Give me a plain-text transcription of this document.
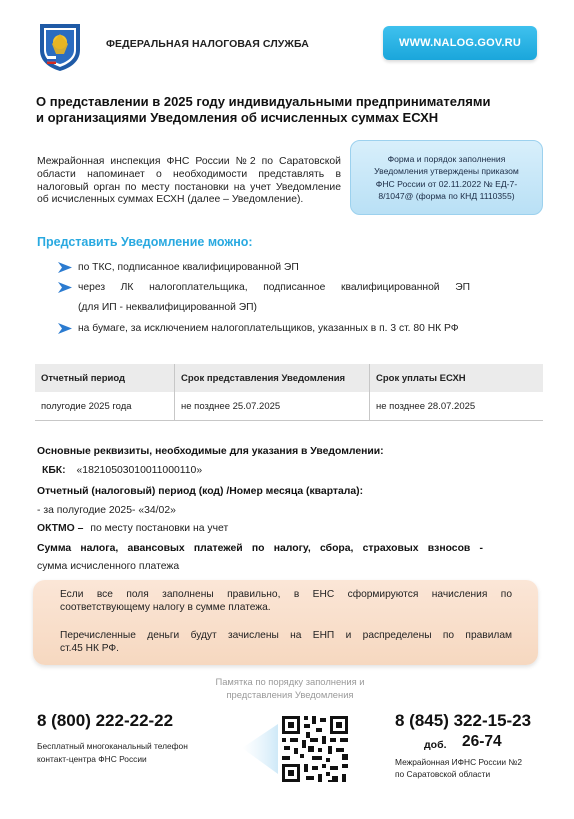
ФЕДЕРАЛЬНАЯ НАЛОГОВАЯ СЛУЖБА	WWW.NALOG.GOV.RU
О представлении в 2025 году индивидуальными предпринимателями
и организациями Уведомления об исчисленных суммах ЕСХН
Межрайонная инспекция ФНС России №2 по Саратовской области напоминает о необходимости представлять в налоговый орган по месту постановки на учет Уведомление об исчисленных суммах ЕСХН (далее – Уведомление).
Форма и порядок заполнения
Уведомления утверждены приказом
ФНС России от 02.11.2022 № ЕД-7-
8/1047@ (форма по КНД 1110355)
Представить Уведомление можно:
по ТКС, подписанное квалифицированной ЭП
через ЛК налогоплательщика, подписанное квалифицированной ЭП
(для ИП - неквалифицированной ЭП)
на бумаге, за исключением налогоплательщиков, указанных в п. 3 ст. 80 НК РФ
Отчетный период	Срок представления Уведомления	Срок уплаты ЕСХН
полугодие 2025 года	не позднее 25.07.2025	не позднее 28.07.2025
Основные реквизиты, необходимые для указания в Уведомлении:
КБК: «18210503010011000110»
Отчетный (налоговый) период (код) /Номер месяца (квартала):
- за полугодие 2025- «34/02»
ОКТМО – по месту постановки на учет
Сумма налога, авансовых платежей по налогу, сбора, страховых взносов -
сумма исчисленного платежа
Если все поля заполнены правильно, в ЕНС сформируются начисления по
соответствующему налогу в сумме платежа.
Перечисленные деньги будут зачислены на ЕНП и распределены по правилам
ст.45 НК РФ.
Памятка по порядку заполнения и
представления Уведомления
8 (800) 222-22-22
Бесплатный многоканальный телефон
контакт-центра ФНС России
8 (845) 322-15-23
доб. 26-74
Межрайонная ИФНС России №2
по Саратовской области
